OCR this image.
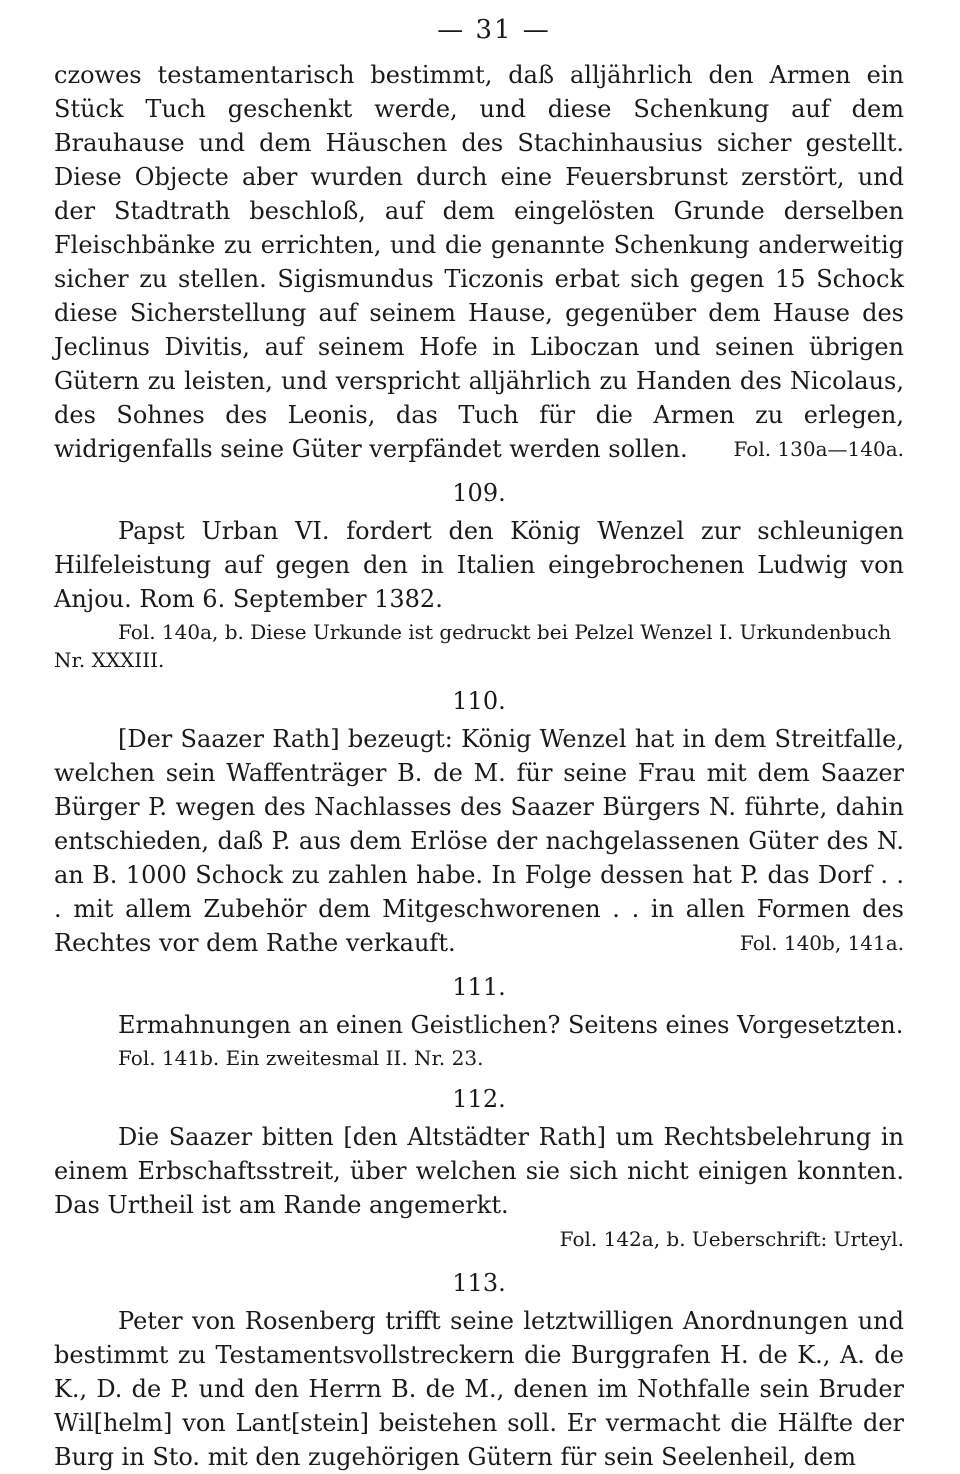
— 31 —

czowes testamentarisch bestimmt, daß alljährlich den Armen ein Stück Tuch geschenkt werde, und diese Schenkung auf dem Brauhause und dem Häuschen des Stachinhausius sicher gestellt. Diese Objecte aber wurden durch eine Feuersbrunst zerstört, und der Stadtrath beschloß, auf dem eingelösten Grunde derselben Fleischbänke zu errichten, und die genannte Schenkung anderweitig sicher zu stellen. Sigismundus Ticzonis erbat sich gegen 15 Schock diese Sicherstellung auf seinem Hause, gegenüber dem Hause des Jeclinus Divitis, auf seinem Hofe in Liboczan und seinen übrigen Gütern zu leisten, und verspricht alljährlich zu Handen des Nicolaus, des Sohnes des Leonis, das Tuch für die Armen zu erlegen, widrigenfalls seine Güter verpfändet werden sollen. Fol. 130a—140a.

109.

Papst Urban VI. fordert den König Wenzel zur schleunigen Hilfeleistung auf gegen den in Italien eingebrochenen Ludwig von Anjou. Rom 6. September 1382.

Fol. 140a, b. Diese Urkunde ist gedruckt bei Pelzel Wenzel I. Urkundenbuch Nr. XXXIII.

110.

[Der Saazer Rath] bezeugt: König Wenzel hat in dem Streitfalle, welchen sein Waffenträger B. de M. für seine Frau mit dem Saazer Bürger P. wegen des Nachlasses des Saazer Bürgers N. führte, dahin entschieden, daß P. aus dem Erlöse der nachgelassenen Güter des N. an B. 1000 Schock zu zahlen habe. In Folge dessen hat P. das Dorf . . . mit allem Zubehör dem Mitgeschworenen . . in allen Formen des Rechtes vor dem Rathe verkauft.	Fol. 140b, 141a.

111.

Ermahnungen an einen Geistlichen? Seitens eines Vorgesetzten.

Fol. 141b. Ein zweitesmal II. Nr. 23.

112.

Die Saazer bitten [den Altstädter Rath] um Rechtsbelehrung in einem Erbschaftsstreit, über welchen sie sich nicht einigen konnten. Das Urtheil ist am Rande angemerkt.
Fol. 142a, b. Ueberschrift: Urteyl.

113.

Peter von Rosenberg trifft seine letztwilligen Anordnungen und bestimmt zu Testamentsvollstreckern die Burggrafen H. de K., A. de K., D. de P. und den Herrn B. de M., denen im Nothfalle sein Bruder Wil[helm] von Lant[stein] beistehen soll. Er vermacht die Hälfte der Burg in Sto. mit den zugehörigen Gütern für sein Seelenheil, dem
